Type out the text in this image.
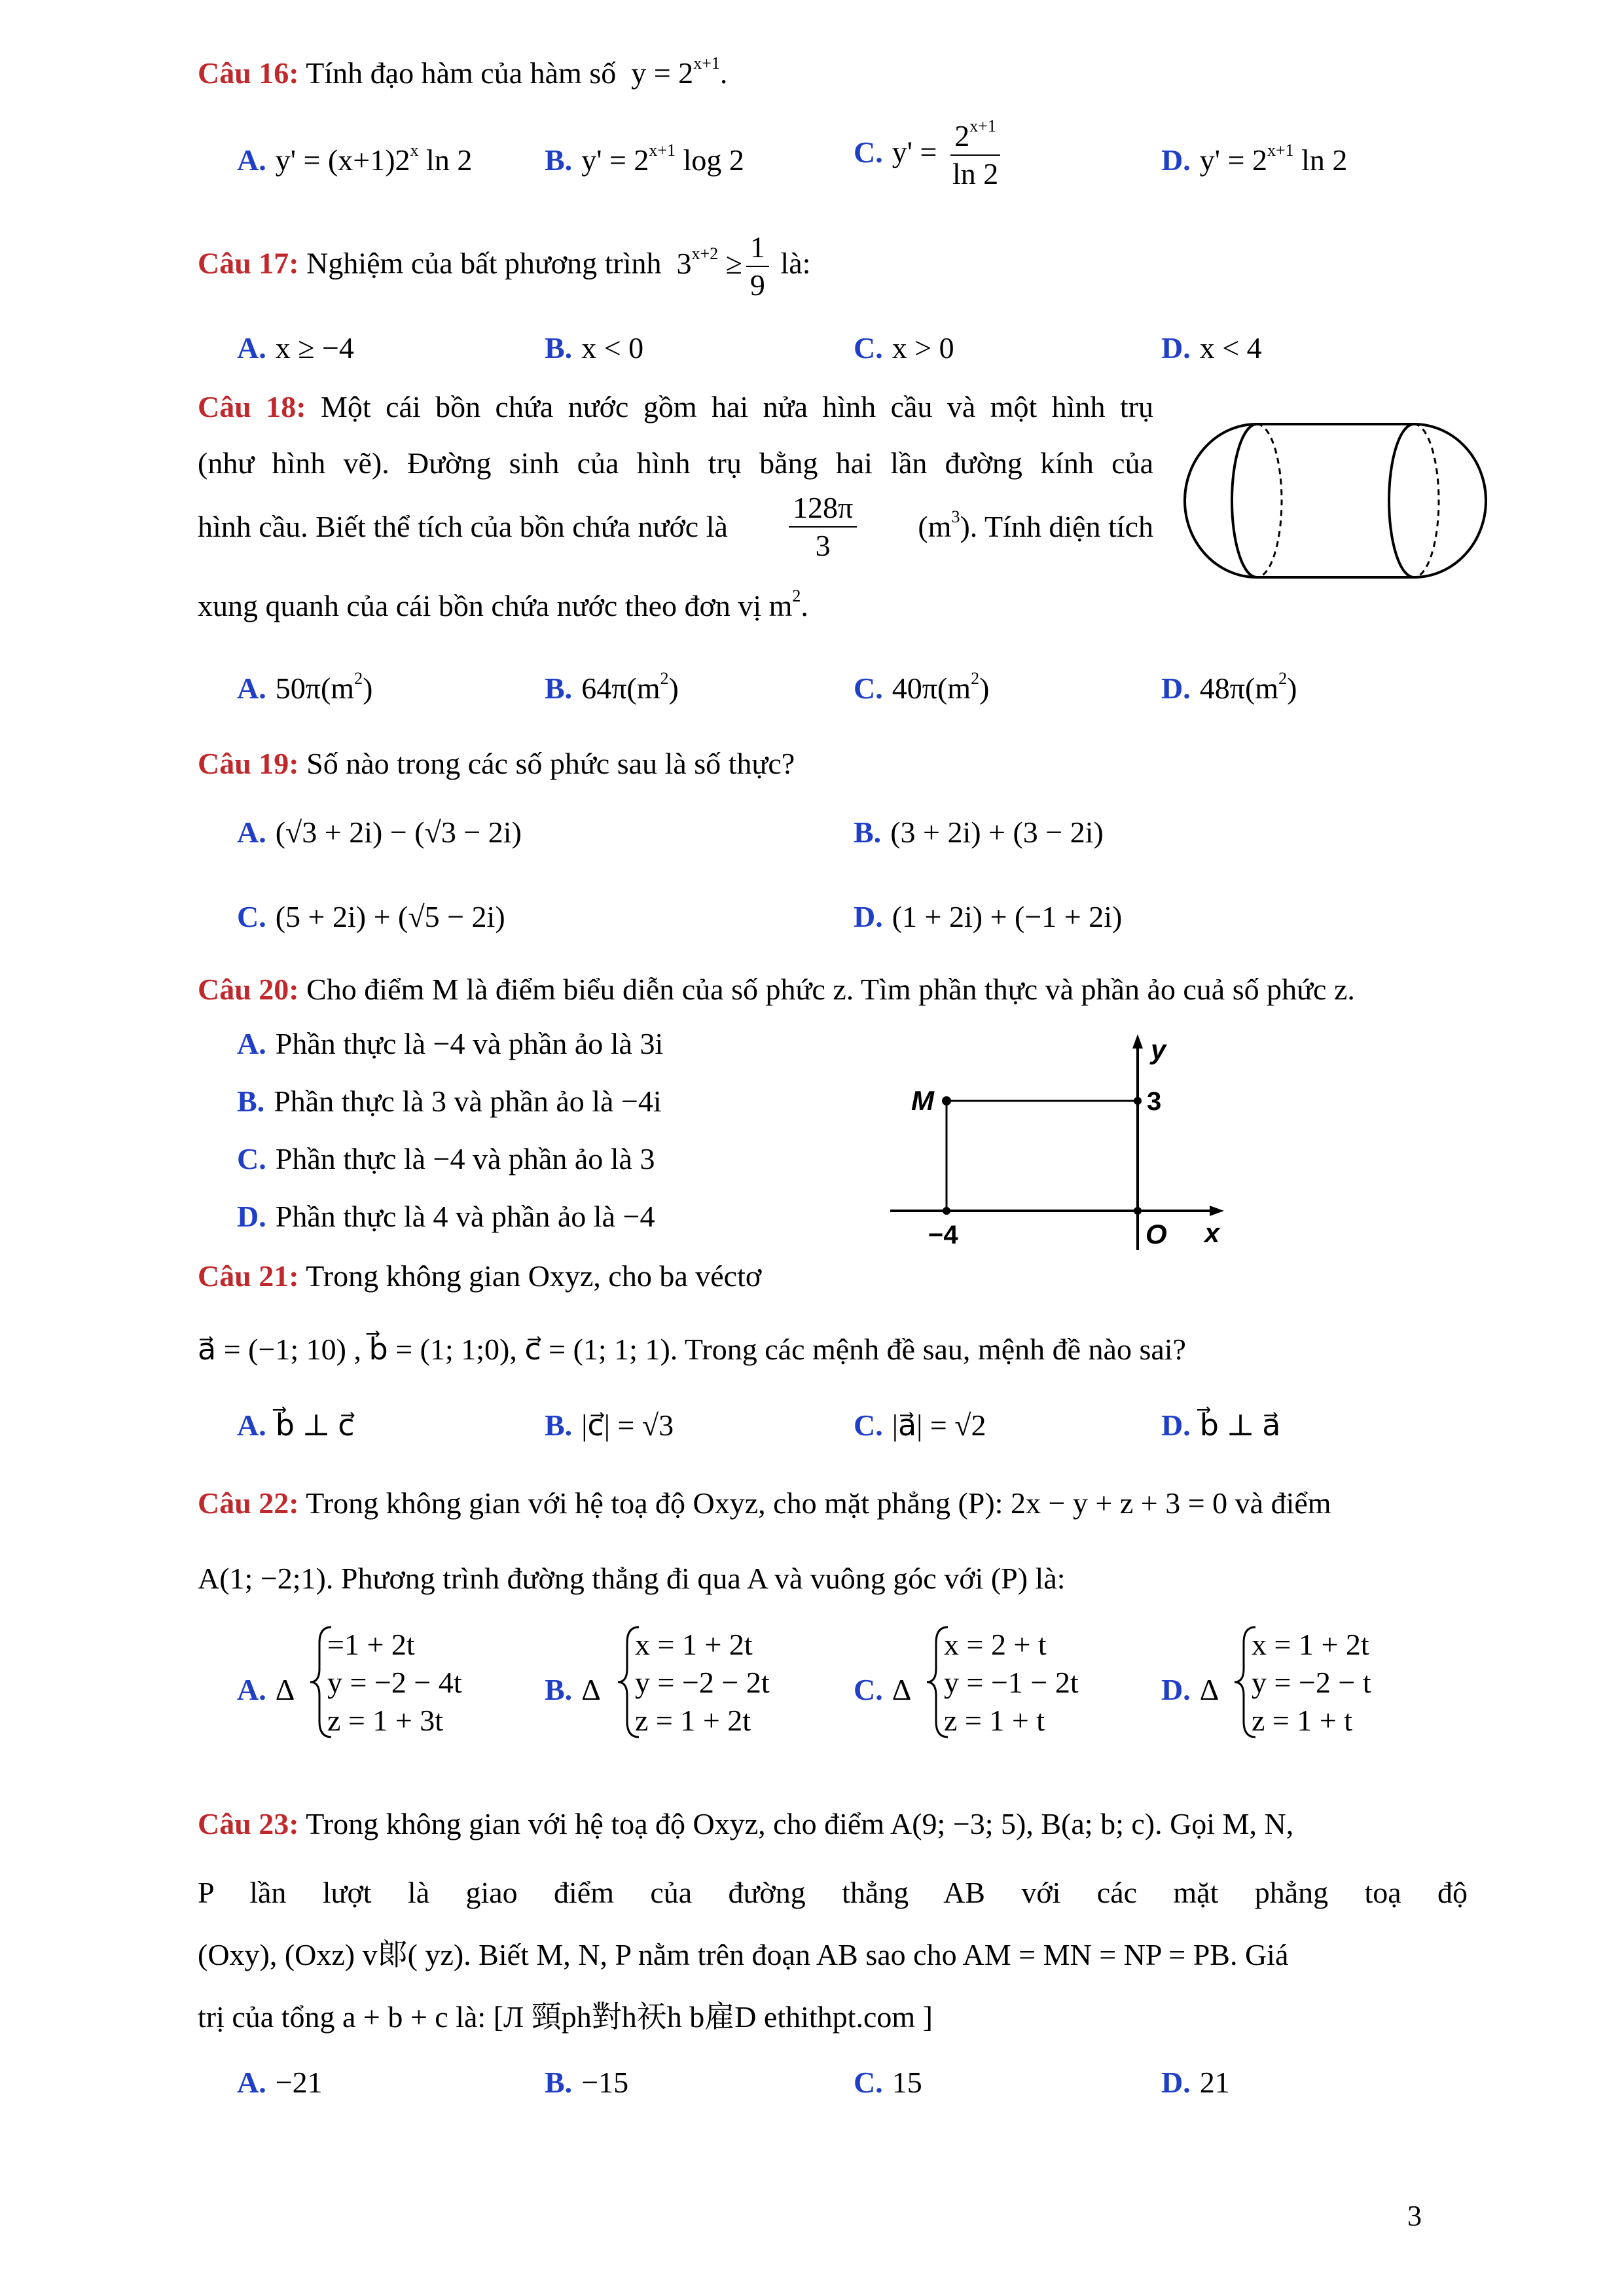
Câu 16: Tính đạo hàm của hàm số $y = 2^{x+1}$.
A. $y' = (x+1)2^x$ ln 2 B. $y' = 2^{x+1}$ log 2	C. $y' = \frac{2^{x+1}}{\ln 2}$	D. $y' = 2^{x+1}$ ln 2
Câu 17: Nghiệm của bất phương trình $3^{x+2} \ge \frac{1}{9}$ là:
A. x ≥ −4	B. x < 0	C. x > 0	D. x < 4
Câu 18: Một cái bồn chứa nước gồm hai nửa hình cầu và một hình trụ
(như hình vẽ). Đường sinh của hình trụ bằng hai lần đường kính của
hình cầu. Biết thể tích của bồn chứa nước là $\frac{128\pi}{3} (m^3)$. Tính diện tích
xung quanh của cái bồn chứa nước theo đơn vị $m^2$.
A. $50\pi(m^2)$	B. $64\pi(m^2)$	C. $40\pi(m^2)$	D. $48\pi(m^2)$
Câu 19: Số nào trong các số phức sau là số thực?
A. (√3 + 2i) − (√3 − 2i)	B. (3 + 2i) + (3 − 2i)
C. (5 + 2i) + (√5 − 2i)	D. (1 + 2i) + (−1 + 2i)
Câu 20: Cho điểm M là điểm biểu diễn của số phức z. Tìm phần thực và phần ảo cuả số phức z.
A. Phần thực là −4 và phần ảo là 3i
B. Phần thực là 3 và phần ảo là −4i
C. Phần thực là −4 và phần ảo là 3
D. Phần thực là 4 và phần ảo là −4
y
x
M	3
−4	O
Câu 21: Trong không gian Oxyz, cho ba véctơ
a⃗ = (−1; 10) , b⃗ = (1; 1;0), c⃗ = (1; 1; 1). Trong các mệnh đề sau, mệnh đề nào sai?
A. b⃗ ⊥ c⃗	B. |c⃗| = √3	C. |a⃗| = √2	D. b⃗ ⊥ a⃗
Câu 22: Trong không gian với hệ toạ độ Oxyz, cho mặt phẳng (P): 2x − y + z + 3 = 0 và điểm
A(1; −2;1). Phương trình đường thẳng đi qua A và vuông góc với (P) là:
A. Δ
=1 + 2t
y = −2 − 4t
z = 1 + 3t
B. Δ
x = 1 + 2t
y = −2 − 2t
z = 1 + 2t
C. Δ
x = 2 + t
y = −1 − 2t
z = 1 + t
D. Δ
x = 1 + 2t
y = −2 − t
z = 1 + t
Câu 23: Trong không gian với hệ toạ độ Oxyz, cho điểm A(9; −3; 5), B(a; b; c). Gọi M, N,
P lần lượt là giao điểm của đường thẳng AB với các mặt phẳng toạ độ
(Oxy), (Oxz) v郞( yz). Biết M, N, P nằm trên đoạn AB sao cho AM = MN = NP = PB. Giá
trị của tổng a + b + c là: [Л 頸ph對h祆h b雇D ethithpt.com ]
A. −21	B. −15	C. 15	D. 21
3
